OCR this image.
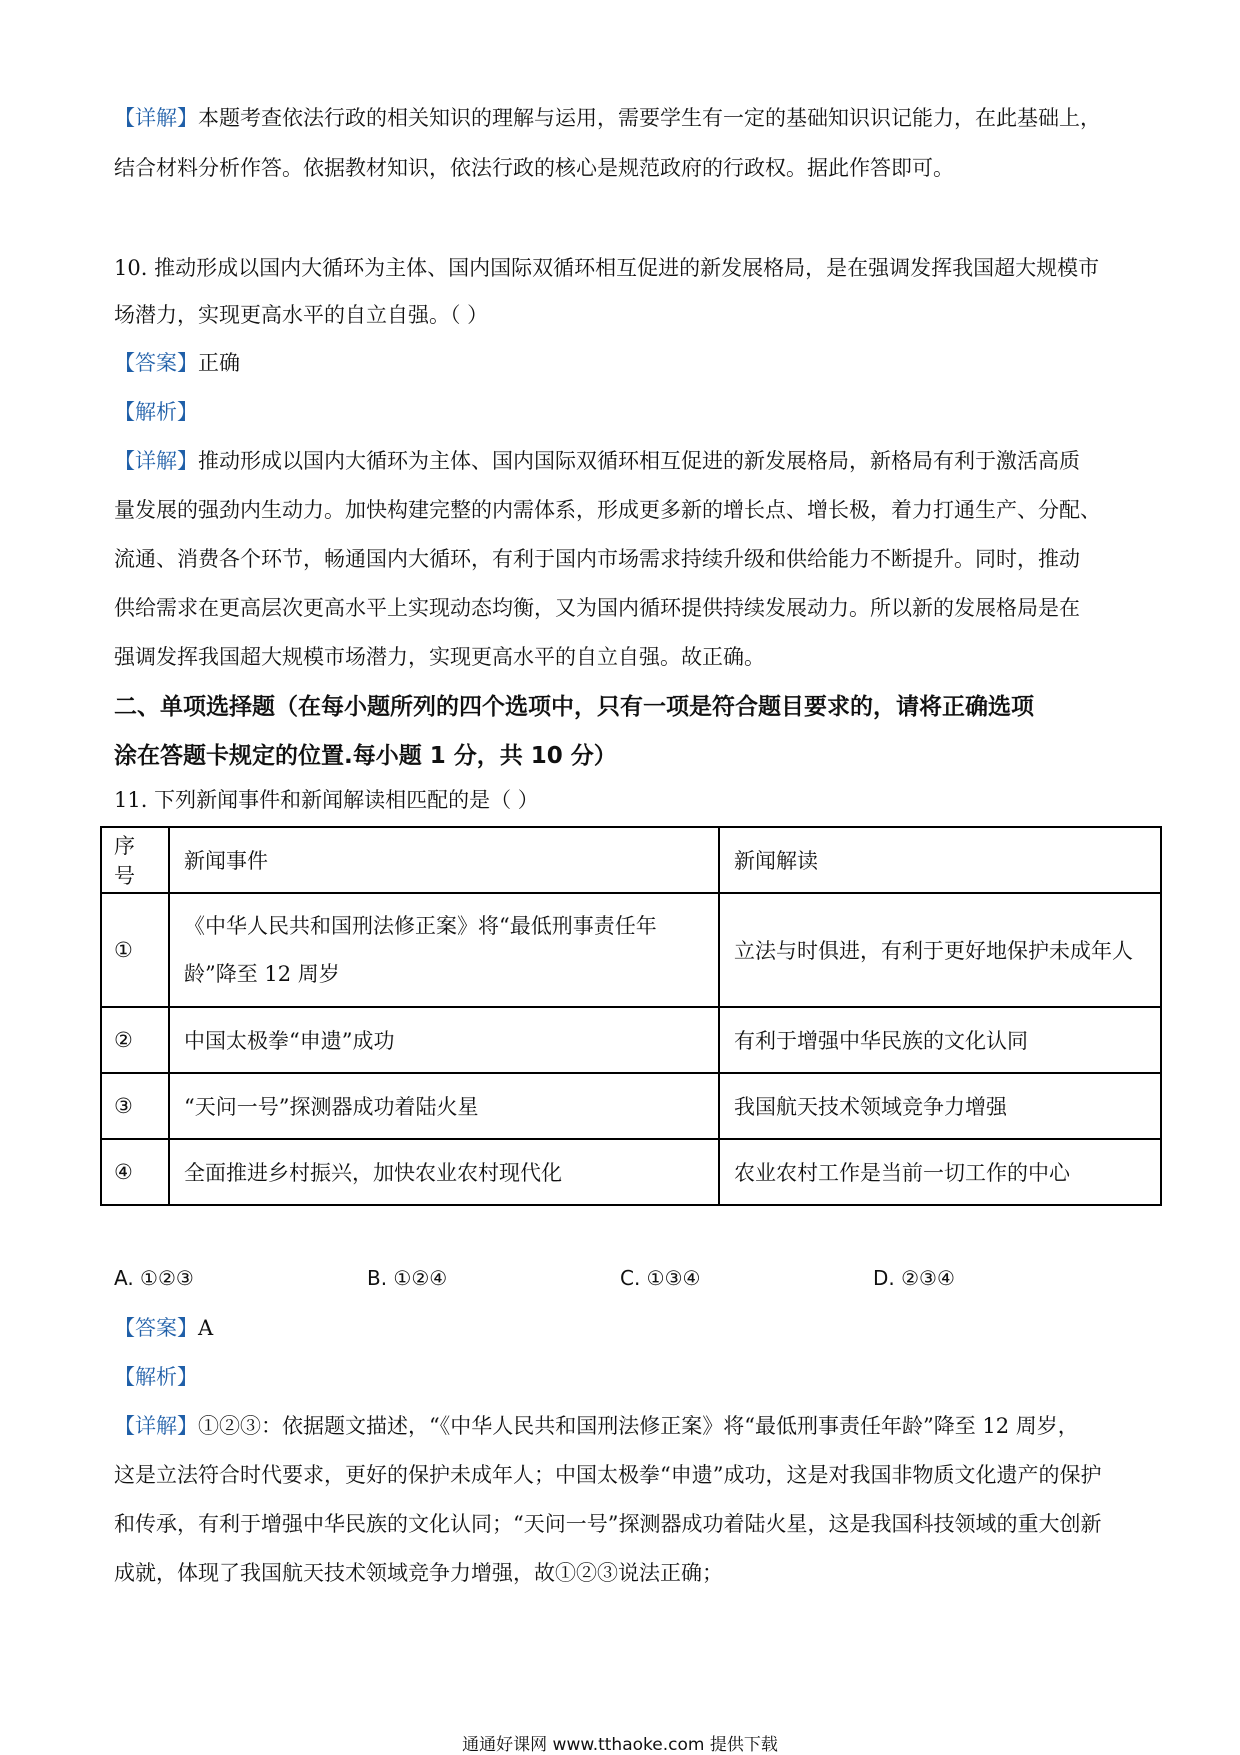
【详解】本题考查依法行政的相关知识的理解与运用，需要学生有一定的基础知识识记能力，在此基础上，
结合材料分析作答。依据教材知识，依法行政的核心是规范政府的行政权。据此作答即可。
10. 推动形成以国内大循环为主体、国内国际双循环相互促进的新发展格局，是在强调发挥我国超大规模市
场潜力，实现更高水平的自立自强。（ ）
【答案】正确
【解析】
【详解】推动形成以国内大循环为主体、国内国际双循环相互促进的新发展格局，新格局有利于激活高质
量发展的强劲内生动力。加快构建完整的内需体系，形成更多新的增长点、增长极，着力打通生产、分配、
流通、消费各个环节，畅通国内大循环，有利于国内市场需求持续升级和供给能力不断提升。同时，推动
供给需求在更高层次更高水平上实现动态均衡，又为国内循环提供持续发展动力。所以新的发展格局是在
强调发挥我国超大规模市场潜力，实现更高水平的自立自强。故正确。
二、单项选择题（在每小题所列的四个选项中，只有一项是符合题目要求的，请将正确选项
涂在答题卡规定的位置.每小题 1 分，共 10 分）
11. 下列新闻事件和新闻解读相匹配的是（ ）
序号	新闻事件	新闻解读
①	《中华人民共和国刑法修正案》将“最低刑事责任年
龄”降至 12 周岁	立法与时俱进，有利于更好地保护未成年人
②	中国太极拳“申遗”成功	有利于增强中华民族的文化认同
③	“天问一号”探测器成功着陆火星	我国航天技术领域竞争力增强
④	全面推进乡村振兴，加快农业农村现代化	农业农村工作是当前一切工作的中心
A. ①②③	B. ①②④	C. ①③④	D. ②③④
【答案】A
【解析】
【详解】①②③：依据题文描述，“《中华人民共和国刑法修正案》将“最低刑事责任年龄”降至 12 周岁，
这是立法符合时代要求，更好的保护未成年人；中国太极拳“申遗”成功，这是对我国非物质文化遗产的保护
和传承，有利于增强中华民族的文化认同；“天问一号”探测器成功着陆火星，这是我国科技领域的重大创新
成就，体现了我国航天技术领域竞争力增强，故①②③说法正确；
通通好课网 www.tthaoke.com 提供下载
